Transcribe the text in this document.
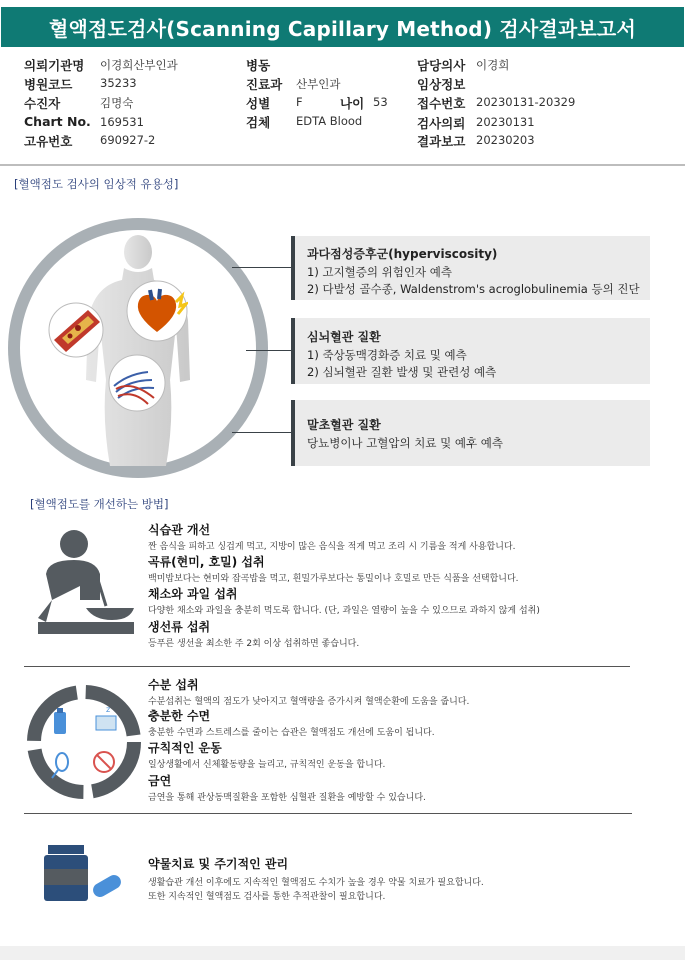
혈액점도검사(Scanning Capillary Method) 검사결과보고서
의뢰기관명 이경희산부인과
병원코드 35233
수진자	김명숙
Chart No. 169531
고유번호 690927-2
병동
진료과 산부인과
성별 F	나이 53
검체 EDTA Blood
담당의사 이경희
임상정보
접수번호 20230131-20329
검사의뢰 20230131
결과보고 20230203
[혈액점도 검사의 임상적 유용성]
과다점성증후군(hyperviscosity)
1) 고지혈증의 위험인자 예측
2) 다발성 골수종, Waldenstrom's acroglobulinemia 등의 진단
심뇌혈관 질환
1) 죽상동맥경화증 치료 및 예측
2) 심뇌혈관 질환 발생 및 관련성 예측
말초혈관 질환
당뇨병이나 고혈압의 치료 및 예후 예측
[혈액점도를 개선하는 방법]
식습관 개선
짠 음식을 피하고 싱겁게 먹고, 지방이 많은 음식을 적게 먹고 조리 시 기름을 적게 사용합니다.
곡류(현미, 호밀) 섭취
백미밥보다는 현미와 잡곡밥을 먹고, 흰밀가루보다는 통밀이나 호밀로 만든 식품을 선택합니다.
채소와 과일 섭취
다양한 채소와 과일을 충분히 먹도록 합니다. (단, 과일은 열량이 높을 수 있으므로 과하지 않게 섭취)
생선류 섭취
등푸른 생선을 최소한 주 2회 이상 섭취하면 좋습니다.
z
수분 섭취
수분섭취는 혈액의 점도가 낮아지고 혈액량을 증가시켜 혈액순환에 도움을 줍니다.
충분한 수면
충분한 수면과 스트레스를 줄이는 습관은 혈액점도 개선에 도움이 됩니다.
규칙적인 운동
일상생활에서 신체활동량을 늘리고, 규칙적인 운동을 합니다.
금연
금연을 통해 관상동맥질환을 포함한 심혈관 질환을 예방할 수 있습니다.
약물치료 및 주기적인 관리
생활습관 개선 이후에도 지속적인 혈액점도 수치가 높을 경우 약물 치료가 필요합니다.
또한 지속적인 혈액점도 검사를 통한 추적관찰이 필요합니다.
